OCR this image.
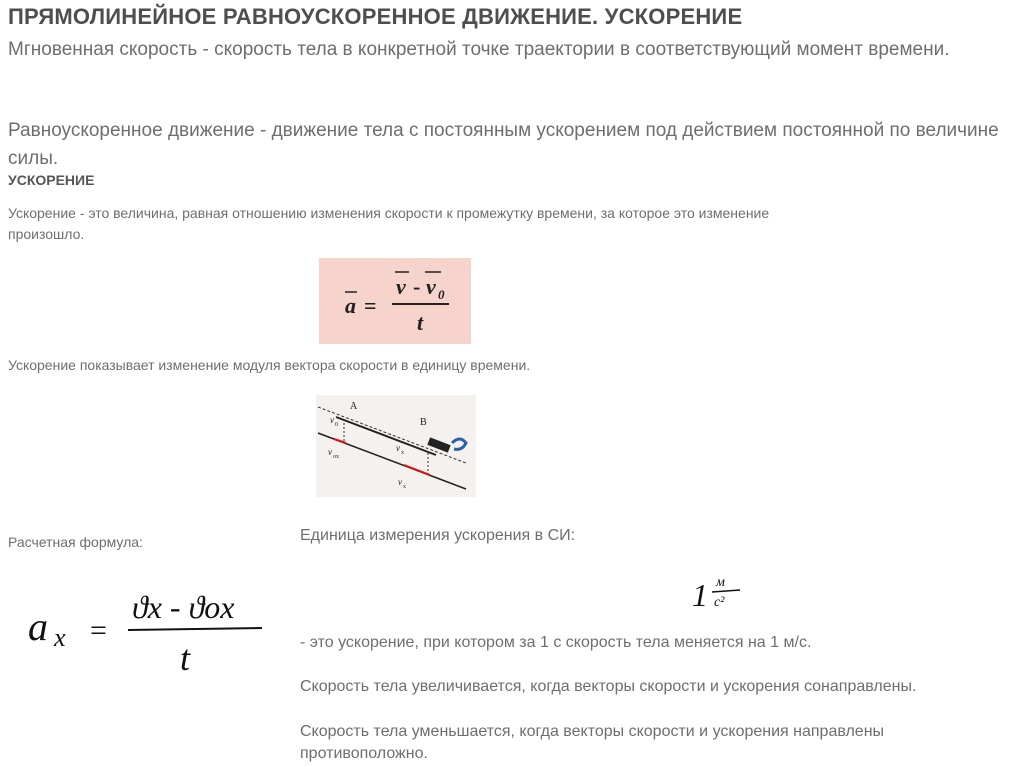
ПРЯМОЛИНЕЙНОЕ РАВНОУСКОРЕННОЕ ДВИЖЕНИЕ. УСКОРЕНИЕ
Мгновенная скорость - скорость тела в конкретной точке траектории в соответствующий момент времени.
Равноускоренное движение - движение тела с постоянным ускорением под действием постоянной по величине силы.
УСКОРЕНИЕ
Ускорение - это величина, равная отношению изменения скорости к промежутку времени, за которое это изменение произошло.
a =
v - v 0
t
Ускорение показывает изменение модуля вектора скорости в единицу времени.
A
B
v 0
v x
v ox
v x
Расчетная формула:
a x =
ϑx - ϑox
t
Единица измерения ускорения в СИ:
1 м
с²
- это ускорение, при котором за 1 с скорость тела меняется на 1 м/с.
Скорость тела увеличивается, когда векторы скорости и ускорения сонаправлены.
Скорость тела уменьшается, когда векторы скорости и ускорения направлены противоположно.
